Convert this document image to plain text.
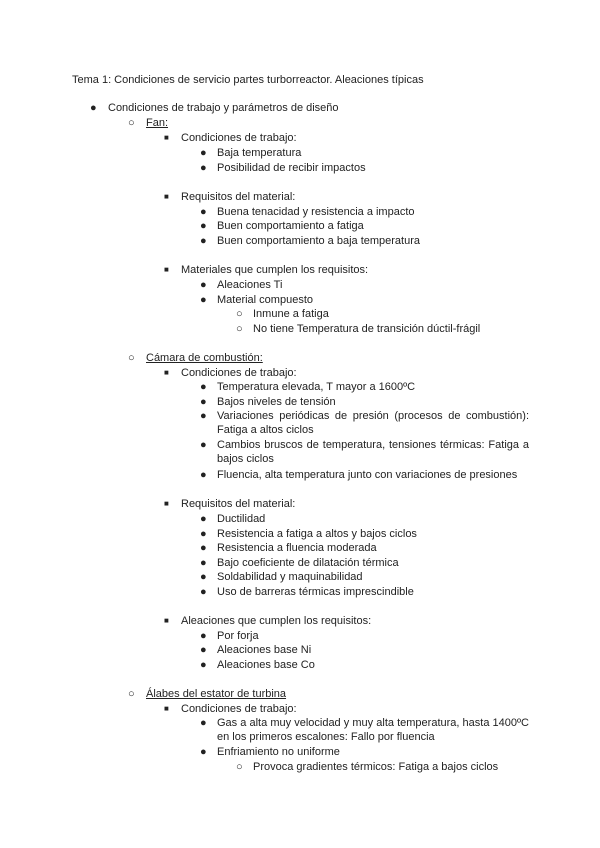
Tema 1: Condiciones de servicio partes turborreactor. Aleaciones típicas
● Condiciones de trabajo y parámetros de diseño
○ Fan:
■ Condiciones de trabajo:
● Baja temperatura
● Posibilidad de recibir impactos
■ Requisitos del material:
● Buena tenacidad y resistencia a impacto
● Buen comportamiento a fatiga
● Buen comportamiento a baja temperatura
■ Materiales que cumplen los requisitos:
● Aleaciones Ti
● Material compuesto
○ Inmune a fatiga
○ No tiene Temperatura de transición dúctil-frágil
○ Cámara de combustión:
■ Condiciones de trabajo:
● Temperatura elevada, T mayor a 1600ºC
● Bajos niveles de tensión
● Variaciones periódicas de presión (procesos de combustión): Fatiga a altos ciclos
● Cambios bruscos de temperatura, tensiones térmicas: Fatiga a bajos ciclos
● Fluencia, alta temperatura junto con variaciones de presiones
■ Requisitos del material:
● Ductilidad
● Resistencia a fatiga a altos y bajos ciclos
● Resistencia a fluencia moderada
● Bajo coeficiente de dilatación térmica
● Soldabilidad y maquinabilidad
● Uso de barreras térmicas imprescindible
■ Aleaciones que cumplen los requisitos:
● Por forja
● Aleaciones base Ni
● Aleaciones base Co
○ Álabes del estator de turbina
■ Condiciones de trabajo:
● Gas a alta muy velocidad y muy alta temperatura, hasta 1400ºC en los primeros escalones: Fallo por fluencia
● Enfriamiento no uniforme
○ Provoca gradientes térmicos: Fatiga a bajos ciclos
